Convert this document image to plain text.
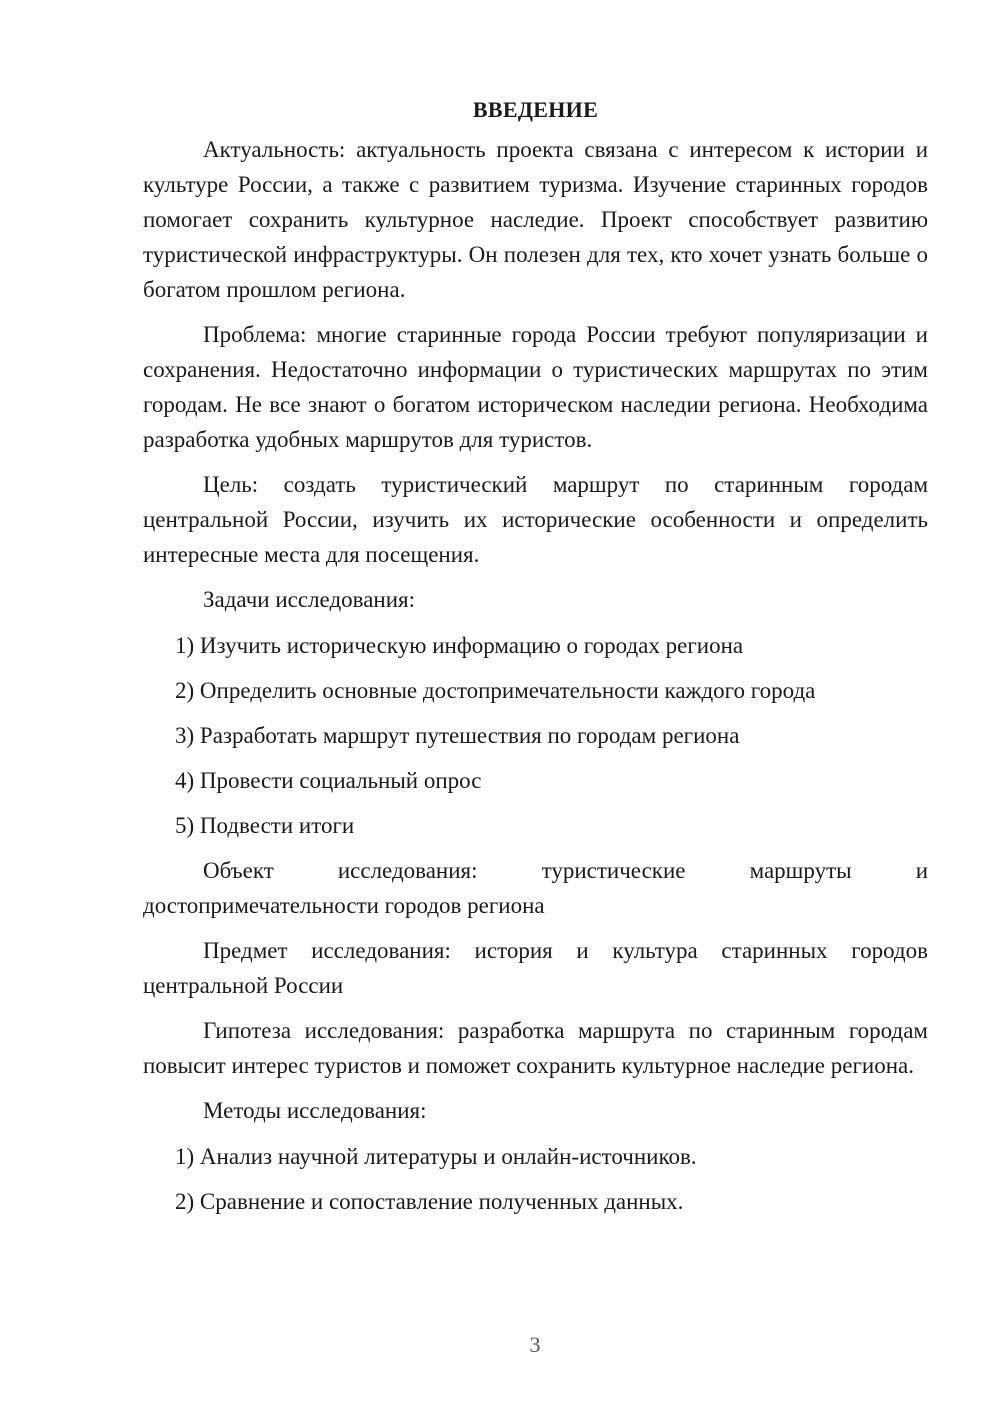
ВВЕДЕНИЕ

Актуальность: актуальность проекта связана с интересом к истории и культуре России, а также с развитием туризма. Изучение старинных городов помогает сохранить культурное наследие. Проект способствует развитию туристической инфраструктуры. Он полезен для тех, кто хочет узнать больше о богатом прошлом региона.

Проблема: многие старинные города России требуют популяризации и сохранения. Недостаточно информации о туристических маршрутах по этим городам. Не все знают о богатом историческом наследии региона. Необходима разработка удобных маршрутов для туристов.

Цель: создать туристический маршрут по старинным городам центральной России, изучить их исторические особенности и определить интересные места для посещения.

Задачи исследования:

1) Изучить историческую информацию о городах региона
2) Определить основные достопримечательности каждого города
3) Разработать маршрут путешествия по городам региона
4) Провести социальный опрос
5) Подвести итоги

Объект исследования: туристические маршруты и достопримечательности городов региона

Предмет исследования: история и культура старинных городов центральной России

Гипотеза исследования: разработка маршрута по старинным городам повысит интерес туристов и поможет сохранить культурное наследие региона.

Методы исследования:

1) Анализ научной литературы и онлайн-источников.
2) Сравнение и сопоставление полученных данных.
3
